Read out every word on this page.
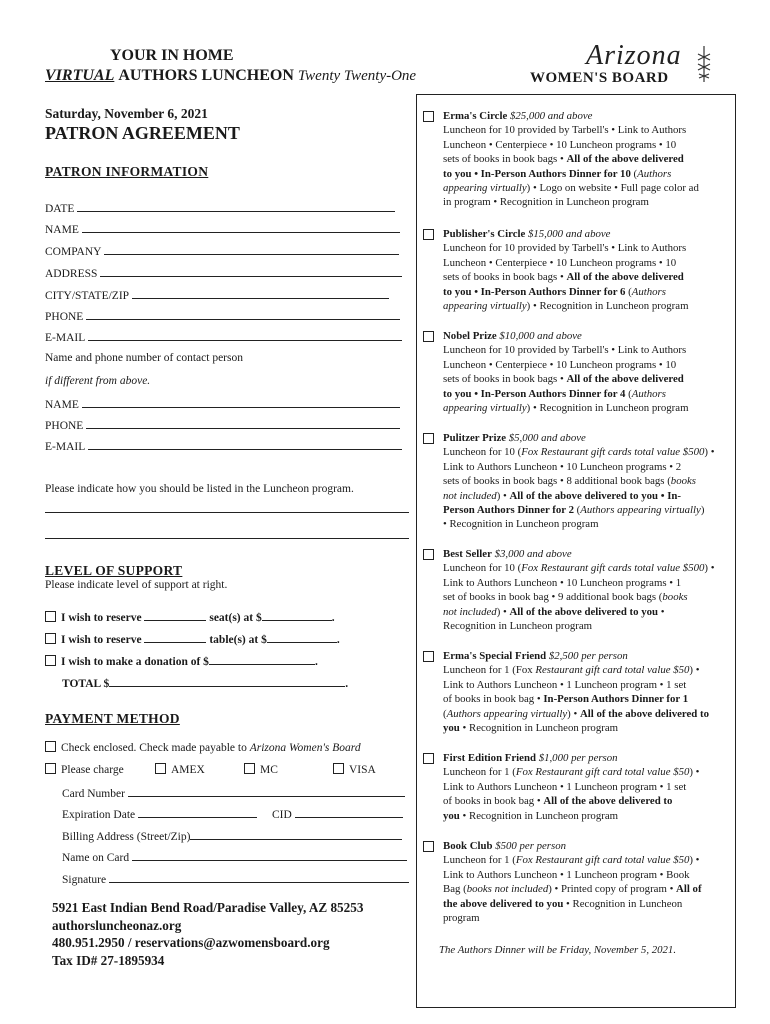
YOUR IN HOME
VIRTUAL AUTHORS LUNCHEON Twenty Twenty-One
Arizona
WOMEN'S BOARD
Saturday, November 6, 2021
PATRON AGREEMENT
PATRON INFORMATION
DATE
NAME
COMPANY
ADDRESS
CITY/STATE/ZIP
PHONE
E-MAIL
Name and phone number of contact person
if different from above.
NAME
PHONE
E-MAIL
Please indicate how you should be listed in the Luncheon program.
LEVEL OF SUPPORT
Please indicate level of support at right.
I wish to reserve	seat(s) at $	.
I wish to reserve	table(s) at $	.
I wish to make a donation of $	.
TOTAL $	.
PAYMENT METHOD
Check enclosed. Check made payable to Arizona Women's Board
Please charge	AMEX	MC	VISA
Card Number
Expiration Date	CID
Billing Address (Street/Zip)
Name on Card
Signature
5921 East Indian Bend Road/Paradise Valley, AZ 85253
authorsluncheonaz.org
480.951.2950 / reservations@azwomensboard.org
Tax ID# 27-1895934
Erma's Circle $25,000 and above
Luncheon for 10 provided by Tarbell's • Link to Authors
Luncheon • Centerpiece • 10 Luncheon programs • 10
sets of books in book bags • All of the above delivered
to you • In-Person Authors Dinner for 10 (Authors
appearing virtually) • Logo on website • Full page color ad
in program • Recognition in Luncheon program
Publisher's Circle $15,000 and above
Luncheon for 10 provided by Tarbell's • Link to Authors
Luncheon • Centerpiece • 10 Luncheon programs • 10
sets of books in book bags • All of the above delivered
to you • In-Person Authors Dinner for 6 (Authors
appearing virtually) • Recognition in Luncheon program
Nobel Prize $10,000 and above
Luncheon for 10 provided by Tarbell's • Link to Authors
Luncheon • Centerpiece • 10 Luncheon programs • 10
sets of books in book bags • All of the above delivered
to you • In-Person Authors Dinner for 4 (Authors
appearing virtually) • Recognition in Luncheon program
Pulitzer Prize $5,000 and above
Luncheon for 10 (Fox Restaurant gift cards total value $500) •
Link to Authors Luncheon • 10 Luncheon programs • 2
sets of books in book bags • 8 additional book bags (books
not included) • All of the above delivered to you • In-
Person Authors Dinner for 2 (Authors appearing virtually)
• Recognition in Luncheon program
Best Seller $3,000 and above
Luncheon for 10 (Fox Restaurant gift cards total value $500) •
Link to Authors Luncheon • 10 Luncheon programs • 1
set of books in book bag • 9 additional book bags (books
not included) • All of the above delivered to you •
Recognition in Luncheon program
Erma's Special Friend $2,500 per person
Luncheon for 1 (Fox Restaurant gift card total value $50) •
Link to Authors Luncheon • 1 Luncheon program • 1 set
of books in book bag • In-Person Authors Dinner for 1
(Authors appearing virtually) • All of the above delivered to
you • Recognition in Luncheon program
First Edition Friend $1,000 per person
Luncheon for 1 (Fox Restaurant gift card total value $50) •
Link to Authors Luncheon • 1 Luncheon program • 1 set
of books in book bag • All of the above delivered to
you • Recognition in Luncheon program
Book Club $500 per person
Luncheon for 1 (Fox Restaurant gift card total value $50) •
Link to Authors Luncheon • 1 Luncheon program • Book
Bag (books not included) • Printed copy of program • All of
the above delivered to you • Recognition in Luncheon
program
The Authors Dinner will be Friday, November 5, 2021.
